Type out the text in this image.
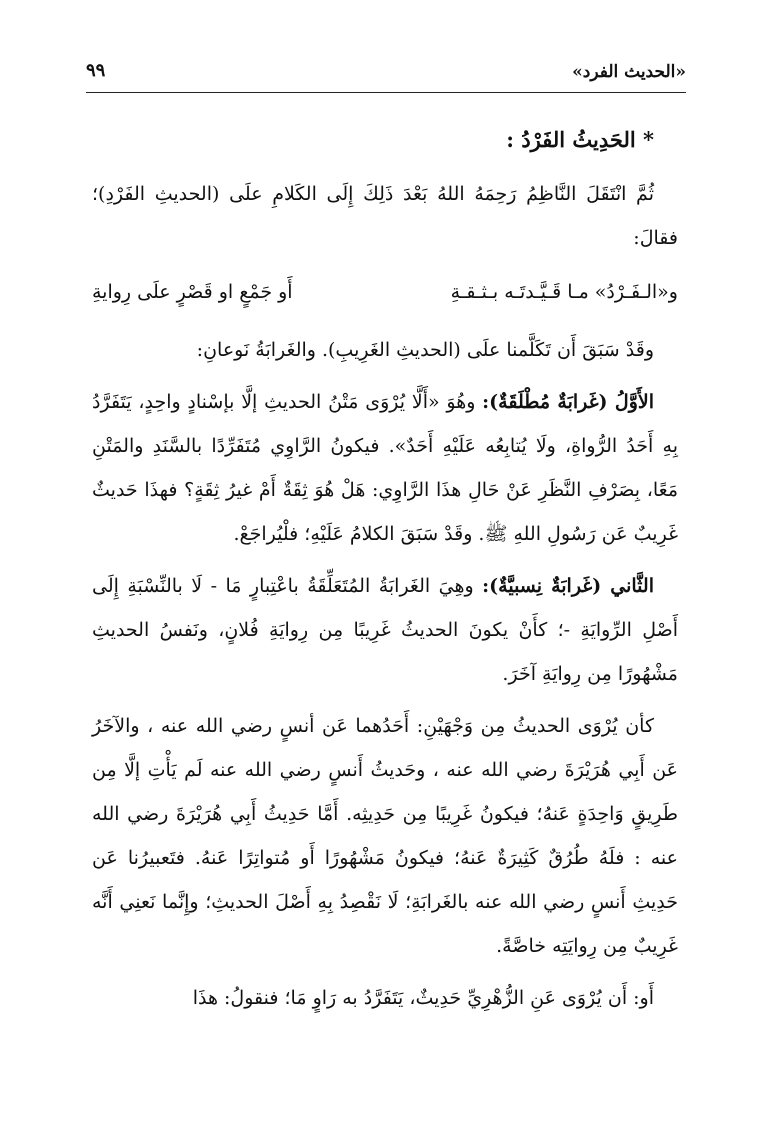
«الحديث الفرد»
٩٩

* الحَدِيثُ الفَرْدُ :

ثُمَّ انْتَقَلَ النَّاظِمُ رَحِمَهُ اللهُ بَعْدَ ذَلِكَ إِلَى الكَلامِ علَى (الحديثِ الفَرْدِ)؛ فقالَ:

و«الـفَـرْدُ» مـا قَـيَّـدتَـه بـثـقـةِ
أَو جَمْعٍ او قَصْرٍ علَى رِوايةِ

وقَدْ سَبَقَ أَن تَكَلَّمنا علَى (الحديثِ الغَرِيبِ). والغَرابَةُ نَوعانِ:

الأَوَّلُ (غَرابَةٌ مُطْلَقَةٌ): وهُوَ «أَلَّا يُرْوَى مَتْنُ الحديثِ إلَّا بإسْنادٍ واحِدٍ، يَتَفَرَّدُ بِهِ أَحَدُ الرُّواةِ، ولَا يُتابِعُه عَلَيْهِ أَحَدٌ». فيكونُ الرَّاوِي مُتَفَرِّدًا بالسَّنَدِ والمَتْنِ مَعًا، بِصَرْفِ النَّظَرِ عَنْ حَالِ هذَا الرَّاوِي: هَلْ هُوَ ثِقَةٌ أَمْ غيرُ ثِقَةٍ؟ فهذَا حَديثٌ غَرِيبٌ عَن رَسُولِ اللهِ ﷺ. وقَدْ سَبَقَ الكلامُ عَلَيْهِ؛ فلْيُراجَعْ.

الثَّاني (غَرابَةٌ نِسبيَّةٌ): وهِيَ الغَرابَةُ المُتَعَلِّقَةُ باعْتِبارٍ مَا - لَا بالنِّسْبَةِ إِلَى أَصْلِ الرِّوايَةِ -؛ كأَنْ يكونَ الحديثُ غَرِيبًا مِن رِوايَةِ فُلانٍ، ونَفسُ الحديثِ مَشْهُورًا مِن رِوايَةِ آخَرَ.

كأن يُرْوَى الحديثُ مِن وَجْهَيْنِ: أَحَدُهما عَن أنسٍ رضي الله عنه ، والآخَرُ عَن أَبِي هُرَيْرَةَ رضي الله عنه ، وحَديثُ أَنسٍ رضي الله عنه لَم يَأْتِ إلَّا مِن طَرِيقٍ وَاحِدَةٍ عَنهُ؛ فيكونُ غَرِيبًا مِن حَدِيثِه. أَمَّا حَدِيثُ أَبِي هُرَيْرَةَ رضي الله عنه : فلَهُ طُرُقٌ كَثِيرَةٌ عَنهُ؛ فيكونُ مَشْهُورًا أَو مُتواتِرًا عَنهُ. فتَعبيرُنا عَن حَدِيثِ أَنسٍ رضي الله عنه بالغَرابَةِ؛ لَا نَقْصِدُ بِهِ أَصْلَ الحديثِ؛ وإِنَّما نَعنِي أَنَّه غَرِيبٌ مِن رِوايَتِه خاصَّةً.

أَو: أَن يُرْوَى عَنِ الزُّهْرِيِّ حَدِيثٌ، يَتَفَرَّدُ به رَاوٍ مَا؛ فنقولُ: هذَا
